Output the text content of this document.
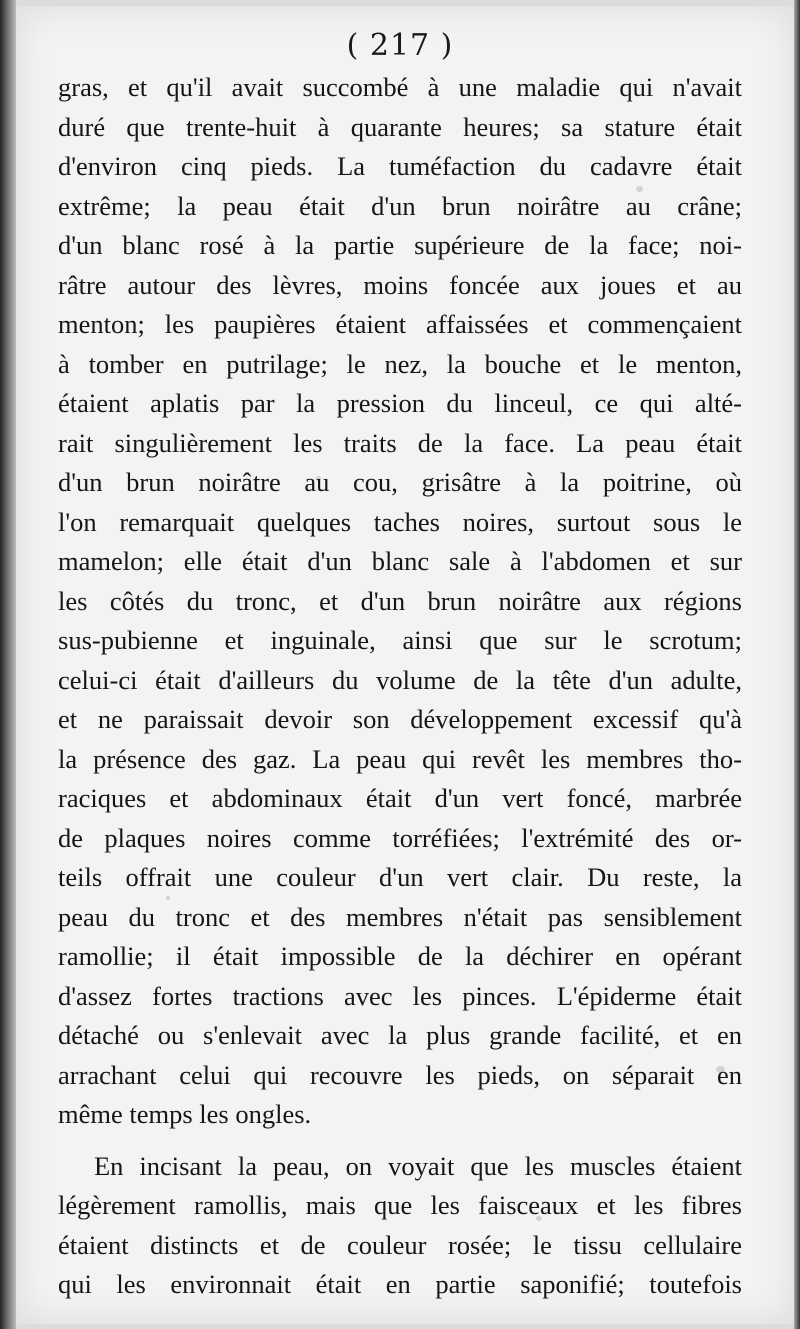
( 217 )
gras, et qu'il avait succombé à une maladie qui n'avait
duré que trente-huit à quarante heures; sa stature était
d'environ cinq pieds. La tuméfaction du cadavre était
extrême; la peau était d'un brun noirâtre au crâne;
d'un blanc rosé à la partie supérieure de la face; noi-
râtre autour des lèvres, moins foncée aux joues et au
menton; les paupières étaient affaissées et commençaient
à tomber en putrilage; le nez, la bouche et le menton,
étaient aplatis par la pression du linceul, ce qui alté-
rait singulièrement les traits de la face. La peau était
d'un brun noirâtre au cou, grisâtre à la poitrine, où
l'on remarquait quelques taches noires, surtout sous le
mamelon; elle était d'un blanc sale à l'abdomen et sur
les côtés du tronc, et d'un brun noirâtre aux régions
sus-pubienne et inguinale, ainsi que sur le scrotum;
celui-ci était d'ailleurs du volume de la tête d'un adulte,
et ne paraissait devoir son développement excessif qu'à
la présence des gaz. La peau qui revêt les membres tho-
raciques et abdominaux était d'un vert foncé, marbrée
de plaques noires comme torréfiées; l'extrémité des or-
teils offrait une couleur d'un vert clair. Du reste, la
peau du tronc et des membres n'était pas sensiblement
ramollie; il était impossible de la déchirer en opérant
d'assez fortes tractions avec les pinces. L'épiderme était
détaché ou s'enlevait avec la plus grande facilité, et en
arrachant celui qui recouvre les pieds, on séparait en
même temps les ongles.
En incisant la peau, on voyait que les muscles étaient
légèrement ramollis, mais que les faisceaux et les fibres
étaient distincts et de couleur rosée; le tissu cellulaire
qui les environnait était en partie saponifié; toutefois
